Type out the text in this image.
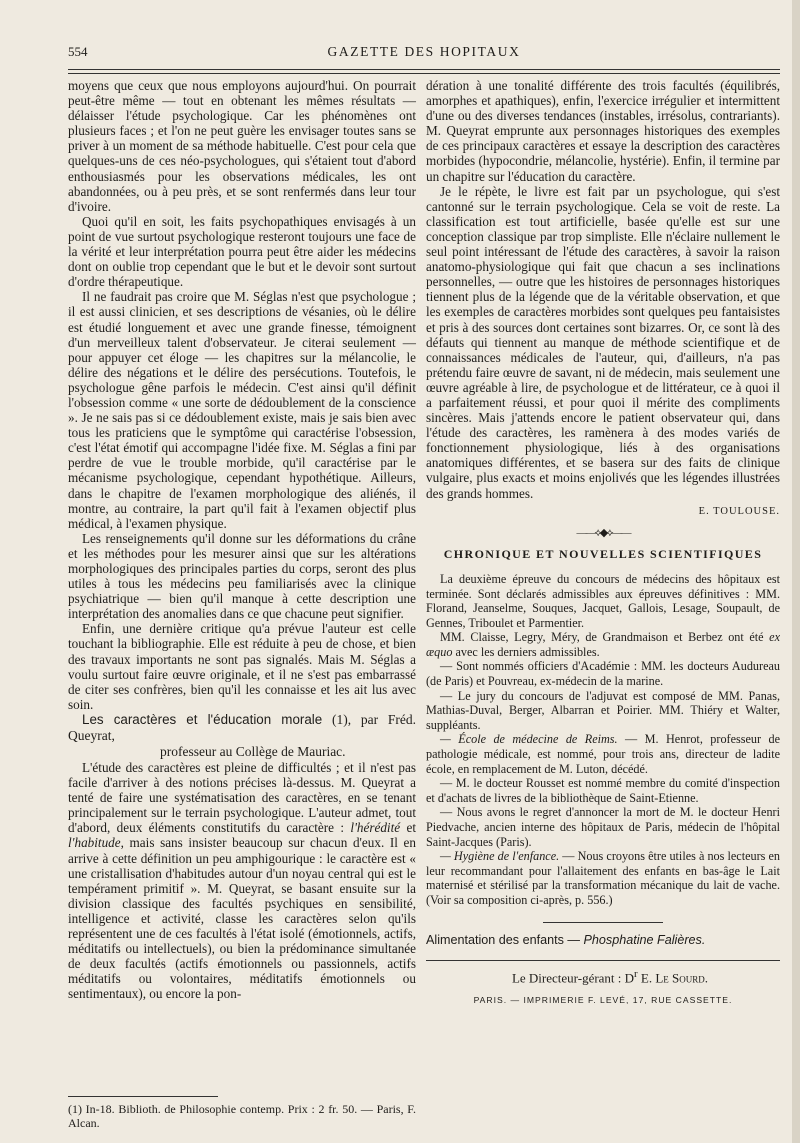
554	GAZETTE DES HOPITAUX

moyens que ceux que nous employons aujourd'hui. On pourrait peut-être même — tout en obtenant les mêmes résultats — délaisser l'étude psychologique. Car les phénomènes ont plusieurs faces ; et l'on ne peut guère les envisager toutes sans se priver à un moment de sa méthode habituelle. C'est pour cela que quelques-uns de ces néo-psychologues, qui s'étaient tout d'abord enthousiasmés pour les observations médicales, les ont abandonnées, ou à peu près, et se sont renfermés dans leur tour d'ivoire.

Quoi qu'il en soit, les faits psychopathiques envisagés à un point de vue surtout psychologique resteront toujours une face de la vérité et leur interprétation pourra peut être aider les médecins dont on oublie trop cependant que le but et le devoir sont surtout d'ordre thérapeutique.

Il ne faudrait pas croire que M. Séglas n'est que psychologue ; il est aussi clinicien, et ses descriptions de vésanies, où le délire est étudié longuement et avec une grande finesse, témoignent d'un merveilleux talent d'observateur. Je citerai seulement — pour appuyer cet éloge — les chapitres sur la mélancolie, le délire des négations et le délire des persécutions. Toutefois, le psychologue gêne parfois le médecin. C'est ainsi qu'il définit l'obsession comme « une sorte de dédoublement de la conscience ». Je ne sais pas si ce dédoublement existe, mais je sais bien avec tous les praticiens que le symptôme qui caractérise l'obsession, c'est l'état émotif qui accompagne l'idée fixe. M. Séglas a fini par perdre de vue le trouble morbide, qu'il caractérise par le mécanisme psychologique, cependant hypothétique. Ailleurs, dans le chapitre de l'examen morphologique des aliénés, il montre, au contraire, la part qu'il fait à l'examen objectif plus médical, à l'examen physique.

Les renseignements qu'il donne sur les déformations du crâne et les méthodes pour les mesurer ainsi que sur les altérations morphologiques des principales parties du corps, seront des plus utiles à tous les médecins peu familiarisés avec la clinique psychiatrique — bien qu'il manque à cette description une interprétation des anomalies dans ce que chacune peut signifier.

Enfin, une dernière critique qu'a prévue l'auteur est celle touchant la bibliographie. Elle est réduite à peu de chose, et bien des travaux importants ne sont pas signalés. Mais M. Séglas a voulu surtout faire œuvre originale, et il ne s'est pas embarrassé de citer ses confrères, bien qu'il les connaisse et les ait lus avec soin.

Les caractères et l'éducation morale (1), par Fréd. Queyrat,
professeur au Collège de Mauriac.

L'étude des caractères est pleine de difficultés ; et il n'est pas facile d'arriver à des notions précises là-dessus. M. Queyrat a tenté de faire une systématisation des caractères, en se tenant principalement sur le terrain psychologique. L'auteur admet, tout d'abord, deux éléments constitutifs du caractère : l'hérédité et l'habitude, mais sans insister beaucoup sur chacun d'eux. Il en arrive à cette définition un peu amphigourique : le caractère est « une cristallisation d'habitudes autour d'un noyau central qui est le tempérament primitif ». M. Queyrat, se basant ensuite sur la division classique des facultés psychiques en sensibilité, intelligence et activité, classe les caractères selon qu'ils représentent une de ces facultés à l'état isolé (émotionnels, actifs, méditatifs ou intellectuels), ou bien la prédominance simultanée de deux facultés (actifs émotionnels ou passionnels, actifs méditatifs ou volontaires, méditatifs émotionnels ou sentimentaux), ou encore la pon-

(1) In-18. Biblioth. de Philosophie contemp. Prix : 2 fr. 50. — Paris, F. Alcan.

dération à une tonalité différente des trois facultés (équilibrés, amorphes et apathiques), enfin, l'exercice irrégulier et intermittent d'une ou des diverses tendances (instables, irrésolus, contrariants). M. Queyrat emprunte aux personnages historiques des exemples de ces principaux caractères et essaye la description des caractères morbides (hypocondrie, mélancolie, hystérie). Enfin, il termine par un chapitre sur l'éducation du caractère.

Je le répète, le livre est fait par un psychologue, qui s'est cantonné sur le terrain psychologique. Cela se voit de reste. La classification est tout artificielle, basée qu'elle est sur une conception classique par trop simpliste. Elle n'éclaire nullement le seul point intéressant de l'étude des caractères, à savoir la raison anatomo-physiologique qui fait que chacun a ses inclinations personnelles, — outre que les histoires de personnages historiques tiennent plus de la légende que de la véritable observation, et que les exemples de caractères morbides sont quelques peu fantaisistes et pris à des sources dont certaines sont bizarres. Or, ce sont là des défauts qui tiennent au manque de méthode scientifique et de connaissances médicales de l'auteur, qui, d'ailleurs, n'a pas prétendu faire œuvre de savant, ni de médecin, mais seulement une œuvre agréable à lire, de psychologue et de littérateur, ce à quoi il a parfaitement réussi, et pour quoi il mérite des compliments sincères. Mais j'attends encore le patient observateur qui, dans l'étude des caractères, les ramènera à des modes variés de fonctionnement physiologique, liés à des organisations anatomiques différentes, et se basera sur des faits de clinique vulgaire, plus exacts et moins enjolivés que les légendes illustrées des grands hommes.

E. TOULOUSE.

——⟡◆⟡——
CHRONIQUE ET NOUVELLES SCIENTIFIQUES

La deuxième épreuve du concours de médecins des hôpitaux est terminée. Sont déclarés admissibles aux épreuves définitives : MM. Florand, Jeanselme, Souques, Jacquet, Gallois, Lesage, Soupault, de Gennes, Triboulet et Parmentier.

MM. Claisse, Legry, Méry, de Grandmaison et Berbez ont été ex æquo avec les derniers admissibles.

— Sont nommés officiers d'Académie : MM. les docteurs Audureau (de Paris) et Pouvreau, ex-médecin de la marine.

— Le jury du concours de l'adjuvat est composé de MM. Panas, Mathias-Duval, Berger, Albarran et Poirier. MM. Thiéry et Walter, suppléants.

— École de médecine de Reims. — M. Henrot, professeur de pathologie médicale, est nommé, pour trois ans, directeur de ladite école, en remplacement de M. Luton, décédé.

— M. le docteur Rousset est nommé membre du comité d'inspection et d'achats de livres de la bibliothèque de Saint-Etienne.

— Nous avons le regret d'annoncer la mort de M. le docteur Henri Piedvache, ancien interne des hôpitaux de Paris, médecin de l'hôpital Saint-Jacques (Paris).

— Hygiène de l'enfance. — Nous croyons être utiles à nos lecteurs en leur recommandant pour l'allaitement des enfants en bas-âge le Lait maternisé et stérilisé par la transformation mécanique du lait de vache. (Voir sa composition ci-après, p. 556.)

Alimentation des enfants — Phosphatine Falières.

Le Directeur-gérant : $D^r$ E. Le Sourd.

PARIS. — IMPRIMERIE F. LEVÉ, 17, RUE CASSETTE.
